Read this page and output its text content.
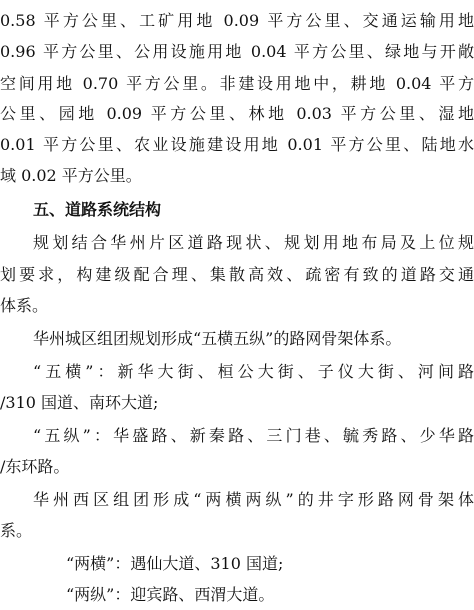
0.58 平方公里、工矿用地 0.09 平方公里、交通运输用地
0.96 平方公里、公用设施用地 0.04 平方公里、绿地与开敞
空间用地 0.70 平方公里。非建设用地中，耕地 0.04 平方
公里、园地 0.09 平方公里、林地 0.03 平方公里、湿地
0.01 平方公里、农业设施建设用地 0.01 平方公里、陆地水
域 0.02 平方公里。
五、道路系统结构
规划结合华州片区道路现状、规划用地布局及上位规
划要求，构建级配合理、集散高效、疏密有致的道路交通
体系。
华州城区组团规划形成“五横五纵”的路网骨架体系。
“五横”：新华大街、桓公大街、子仪大街、河间路
/310 国道、南环大道;
“五纵”：华盛路、新秦路、三门巷、毓秀路、少华路
/东环路。
华州西区组团形成“两横两纵”的井字形路网骨架体
系。
“两横”：遇仙大道、310 国道;
“两纵”：迎宾路、西渭大道。
